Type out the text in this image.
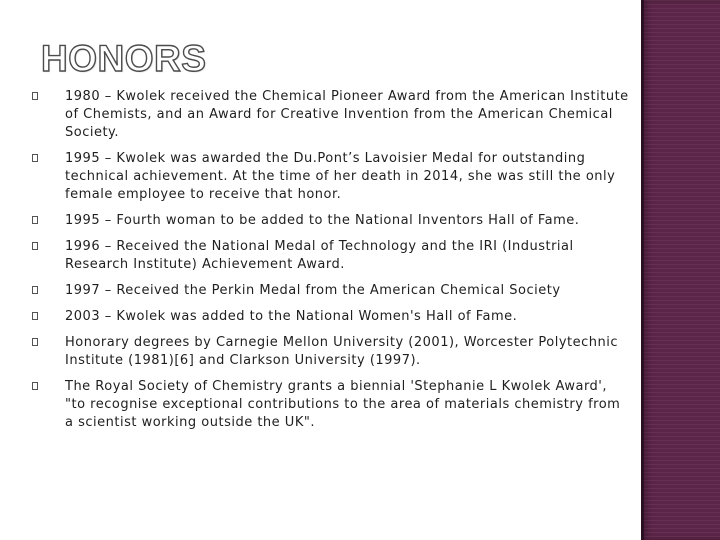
HONORS
1980 – Kwolek received the Chemical Pioneer Award from the American Institute of Chemists, and an Award for Creative Invention from the American Chemical Society.
1995 – Kwolek was awarded the Du.Pont’s Lavoisier Medal for outstanding technical achievement. At the time of her death in 2014, she was still the only female employee to receive that honor.
1995 – Fourth woman to be added to the National Inventors Hall of Fame.
1996 – Received the National Medal of Technology and the IRI (Industrial Research Institute) Achievement Award.
1997 – Received the Perkin Medal from the American Chemical Society
2003 – Kwolek was added to the National Women's Hall of Fame.
Honorary degrees by Carnegie Mellon University (2001), Worcester Polytechnic Institute (1981)[6] and Clarkson University (1997).
The Royal Society of Chemistry grants a biennial 'Stephanie L Kwolek Award', "to recognise exceptional contributions to the area of materials chemistry from a scientist working outside the UK".
